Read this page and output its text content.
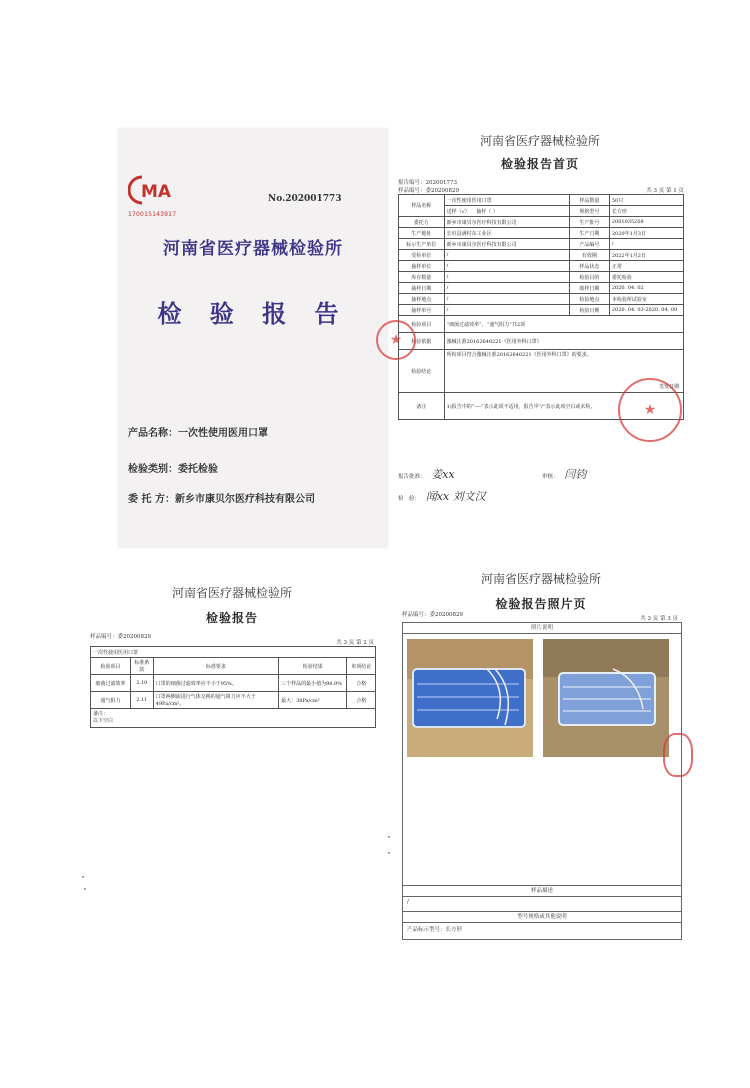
MA
170015143917
No.202001773
河南省医疗器械检验所
检 验 报 告
产品名称：一次性使用医用口罩
检验类别：委托检验
委 托 方：新乡市康贝尔医疗科技有限公司
河南省医疗器械检验所
检验报告首页
报告编号：202001773
样品编号：委20200829	共 3 页 第 1 页
样品名称	一次性使用医用口罩	样品数量	50只
	送样（√） 抽样（ ）	规格型号	长方形
委托方	新乡市康贝尔医疗科技有限公司	生产批号	2001035208
生产地址	长垣县满村东工业区	生产日期	2020年1月3日
标示生产单位	新乡市康贝尔医疗科技有限公司	产品编号	/
受检单位	/	有效期	2022年1月2日
抽样单位	/	样品状态	正常
库存数量	/	检验目的	委托检验
抽样日期	/	收样日期	2020. 04. 02
抽样地点	/	检验地点	本检验所试验室
抽样单号	/	检验日期	2020. 04. 03-2020. 04. 09
检验项目	“细菌过滤效率”、“通气阻力”共2项		
检验依据	豫械注准20162640221《医用外科口罩》		
检验结论	所检项目符合豫械注准20162640221《医用外科口罩》的要求。
签发日期		

备注	1)报告中的“----”表示此项不适用，报告中“/”表示此项空白或未检。		
★
★
报告批准： 姜xx	审核： 闫钧
检　验： 闻xx 刘文汉
河南省医疗器械检验所
检验报告
样品编号：委20200829
共 3 页 第 2 页
一次性使用医用口罩				
检验项目	标准条款	标准要求	检验结果	单项结论
细菌过滤效率	2.10	口罩的细菌过滤效率应不小于95%。	三个样品的最小值为98.9%	合格
通气阻力	2.11	口罩两侧面进行气体交换的通气阻力应不大于49Pa/cm²。	最大：38Pa/cm²	合格

备注：
以下空白				
河南省医疗器械检验所
检验报告照片页
样品编号：委20200829
共 3 页 第 3 页
照片说明
样品描述
/
型号规格或其他说明
产品标示型号：长方形
